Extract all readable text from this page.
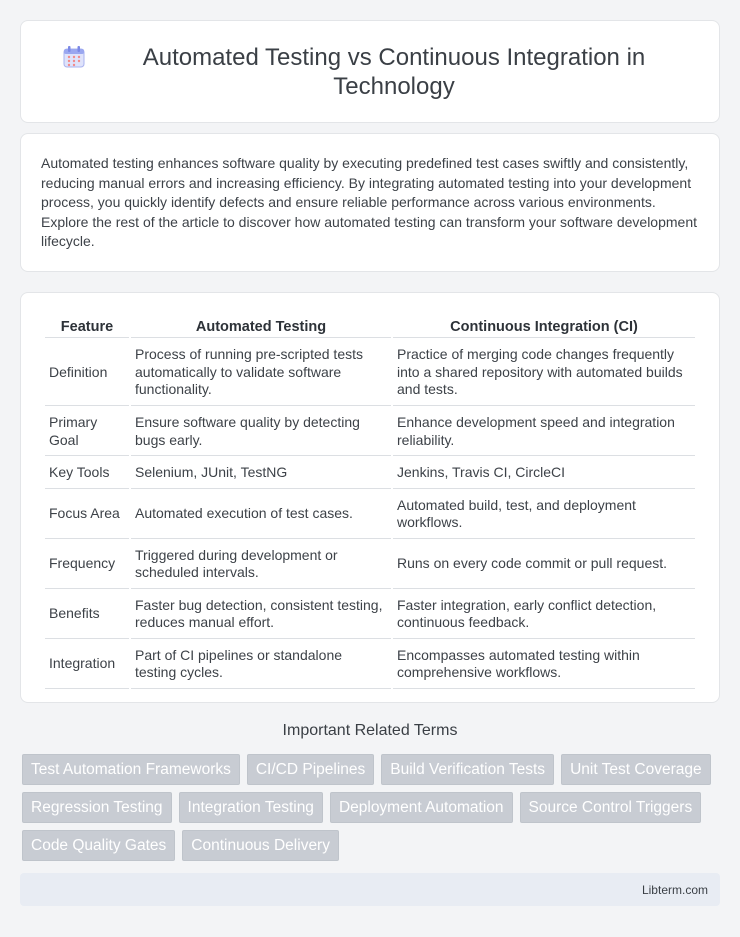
Automated Testing vs Continuous Integration in Technology

Automated testing enhances software quality by executing predefined test cases swiftly and consistently, reducing manual errors and increasing efficiency. By integrating automated testing into your development process, you quickly identify defects and ensure reliable performance across various environments. Explore the rest of the article to discover how automated testing can transform your software development lifecycle.

Feature	Automated Testing	Continuous Integration (CI)
Definition	Process of running pre-scripted tests automatically to validate software functionality.	Practice of merging code changes frequently into a shared repository with automated builds and tests.
Primary Goal	Ensure software quality by detecting bugs early.	Enhance development speed and integration reliability.
Key Tools	Selenium, JUnit, TestNG	Jenkins, Travis CI, CircleCI
Focus Area	Automated execution of test cases.	Automated build, test, and deployment workflows.
Frequency	Triggered during development or scheduled intervals.	Runs on every code commit or pull request.
Benefits	Faster bug detection, consistent testing, reduces manual effort.	Faster integration, early conflict detection, continuous feedback.
Integration	Part of CI pipelines or standalone testing cycles.	Encompasses automated testing within comprehensive workflows.
Important Related Terms
Test Automation Frameworks	CI/CD Pipelines	Build Verification Tests	Unit Test Coverage
Regression Testing	Integration Testing	Deployment Automation	Source Control Triggers
Code Quality Gates	Continuous Delivery
Libterm.com
